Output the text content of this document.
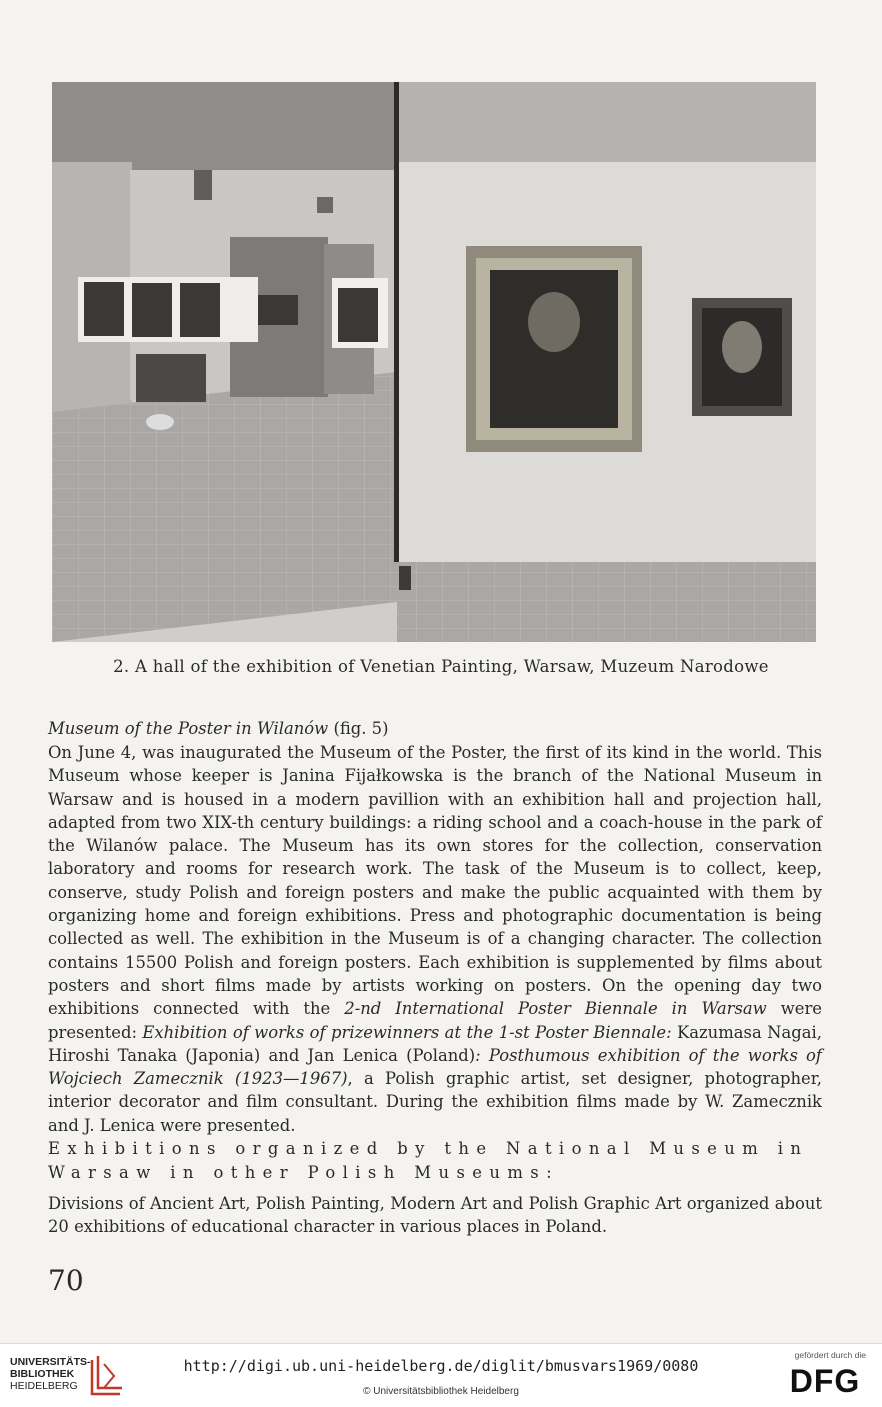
2. A hall of the exhibition of Venetian Painting, Warsaw, Muzeum Narodowe
Museum of the Poster in Wilanów (fig. 5)
On June 4, was inaugurated the Museum of the Poster, the first of its kind in the world. This Museum whose keeper is Janina Fijałkowska is the branch of the National Museum in Warsaw and is housed in a modern pavillion with an exhibition hall and projection hall, adapted from two XIX-th century buildings: a riding school and a coach-house in the park of the Wilanów palace. The Museum has its own stores for the collection, conservation laboratory and rooms for research work. The task of the Museum is to collect, keep, conserve, study Polish and foreign posters and make the public acquainted with them by organizing home and foreign exhibitions. Press and photographic documentation is being collected as well. The exhibition in the Museum is of a changing character. The collection contains 15500 Polish and foreign posters. Each exhibition is supplemented by films about posters and short films made by artists working on posters. On the opening day two exhibitions connected with the 2-nd International Poster Biennale in Warsaw were presented: Exhibition of works of prizewinners at the 1-st Poster Biennale: Kazumasa Nagai, Hiroshi Tanaka (Japonia) and Jan Lenica (Poland): Posthumous exhibition of the works of Wojciech Zamecznik (1923—1967), a Polish graphic artist, set designer, photographer, interior decorator and film consultant. During the exhibition films made by W. Zamecznik and J. Lenica were presented.
Exhibitions organized by the National Museum in Warsaw in other Polish Museums:
Divisions of Ancient Art, Polish Painting, Modern Art and Polish Graphic Art organized about 20 exhibitions of educational character in various places in Poland.
70
UNIVERSITÄTS-
BIBLIOTHEK
HEIDELBERG
http://digi.ub.uni-heidelberg.de/diglit/bmusvars1969/0080
© Universitätsbibliothek Heidelberg
gefördert durch die
DFG
